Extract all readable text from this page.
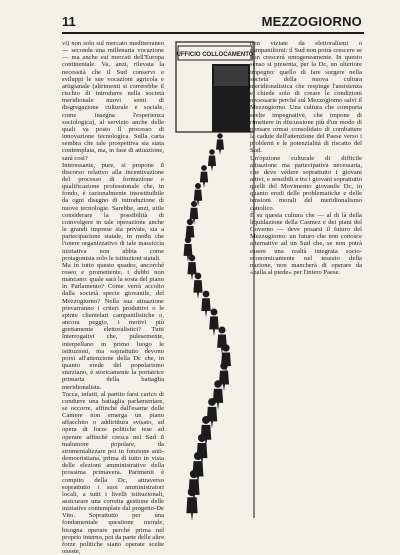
11	MEZZOGIORNO

vi) non solo sul mercato mediterraneo — seconda una millenaria vocazione — ma anche sui mercati dell'Europa continentale. Va, anzi, rilevata la necessità che il Sud conservi e sviluppi le sue vocazioni agricola e artigianale (altrimenti si correrebbe il rischio di introdurre nella società meridionale nuovi semi di disgregazione culturale e sociale, come insegna l'esperienza sociologica), al servizio anche delle quali va posto il processo di innovazione tecnologica. Sulla carta sembra che tale prospettiva sia stata contemplata, ma, in fase di attuazione, sarà così?

Interessante, pure, si propone il discorso relativo alla incentivazione del processo di formazione e qualificazione professionale che, in fondo, è razionalmente insostituibile da ogni disegno di introduzione di nuove tecnologie. Sarebbe, anzi, utile considerare la possibilità di coinvolgere in tale operazione anche le grandi imprese sia private, sia a partecipazione statale, in modo che l'onere organizzativo di tale massiccia iniziativa non abbia come protagonista solo le istituzioni statali.

Ma in tutto questo quadro, ancorché roseo e promettente, i dubbi non mancano: quale sarà la sosta del piano in Parlamento? Come verrà accolto dalla società specie giovanile, del Mezzogiorno? Nella sua attuazione prevarranno i criteri produttivi o le spinte clientelari campanilistiche o, ancora peggio, i motivi più grettamente elettoralistici? Tutti interrogativi che, pulesemente, interpellano in primo luogo le istituzioni, ma soprattutto devono porsi all'attenzione della Dc che, in quanto erede del popolarismo sturziano, è storicamente la portatrice primaria della battaglia meridionalista.

Tocca, infatti, al partito farsi carico di condurre una battaglia parlamentare, se occorre, affinché dall'esame delle Camere non emerga un piano affacchito o addirittura svisato, ad opera di forze politiche tese ad operare affinché cresca nel Sud il malumore popolare, da strumentalizzare poi in funzione anti-democristiana, prima di tutto in vista delle elezioni amministrative della prossima primavera. Parimenti è compito della Dc, attraverso soprattutto i suoi amministratori locali, a tutti i livelli istituzionali, assicurare una corretta gestione delle iniziative contemplate dal progetto-De Vito. Soprattutto per una fondamentale questione morale, bisogna operare perché prima nel proprio interno, poi da parte delle altre forze politiche siano operate scelte oneste,

UFFICIO COLLOCAMENTO

non viziate da elettoralismi o campanilismi: il Sud non potrà crescere se non crescerà omogeneamente. In questo senso si presenta, per la Dc, un ulteriore impegno: quello di fare sorgere nella società della nuova cultura meridionalistica che respinge l'assistenza e chiede solo di creare le condizioni necessarie perché sul Mezzogiorno salvi il Mezzogiorno. Una cultura che comporta scelte impegnative, che impone di rimettere in discussione più d'un modo di pensare ormai consolidato di combattere la cadute dell'attenzione del Paese verso i problemi e le potenzialità di riscatto del Sud.

Un'opzione culturale di difficile attuazione ma partecipativa necessaria, che deve vedere soprattutto i giovani attivi, e sensibili e tra i giovani soprattutto quelli del Movimento giovanile Dc, in quanto eredi delle problematiche e delle tensioni morali del meridionalismo cattolico.

È su questa cultura che — al di là della liquidazione della Casmez e dei piani del Governo — deve posarsi il futuro del Mezzogiorno: un futuro che non conosce alternative ad un Sud che, se non potrà essere una realtà integrata socio-economicamente nel tessuto della nazione, non mancherà di operare da «palla al piede» per l'intero Paese.
